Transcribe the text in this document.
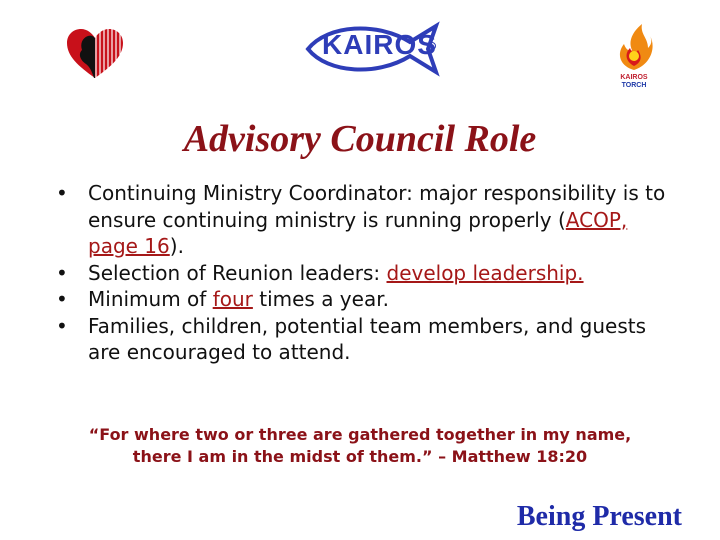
KAIROS
KAIROS
TORCH
Advisory Council Role
• Continuing Ministry Coordinator: major responsibility is to ensure continuing ministry is running properly (ACOP, page 16).
• Selection of Reunion leaders: develop leadership.
• Minimum of four times a year.
• Families, children, potential team members, and guests are encouraged to attend.
“For where two or three are gathered together in my name,
there I am in the midst of them.” – Matthew 18:20
Being Present
